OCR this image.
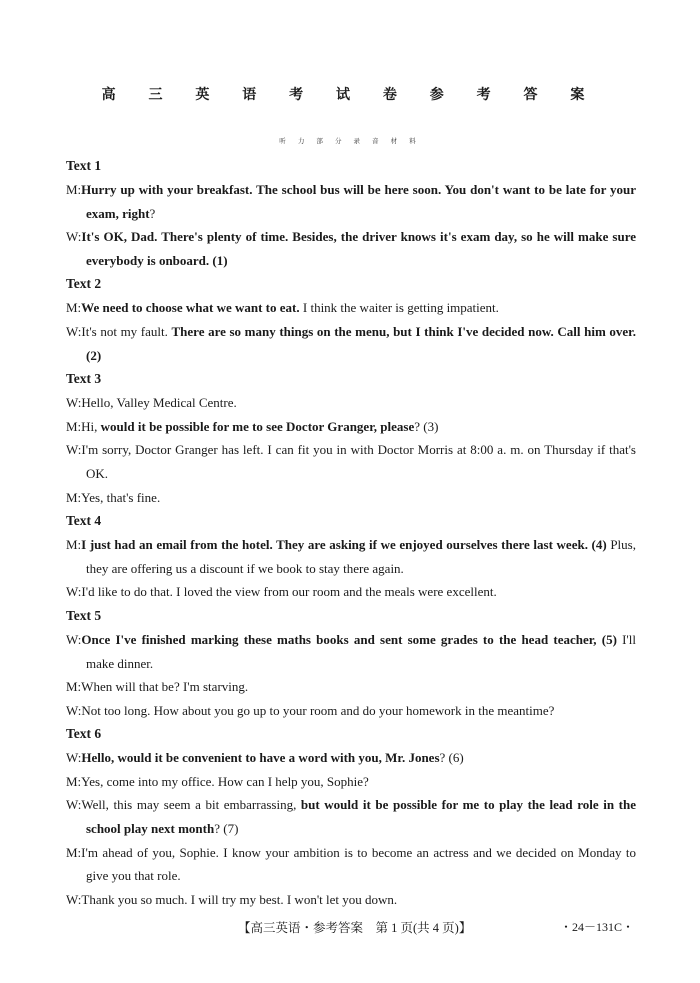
高 三 英 语 考 试 卷 参 考 答 案
听 力 部 分 录 音 材 料
Text 1
M:Hurry up with your breakfast. The school bus will be here soon. You don't want to be late for your exam, right?
W:It's OK, Dad. There's plenty of time. Besides, the driver knows it's exam day, so he will make sure everybody is onboard. (1)
Text 2
M:We need to choose what we want to eat. I think the waiter is getting impatient.
W:It's not my fault. There are so many things on the menu, but I think I've decided now. Call him over. (2)
Text 3
W:Hello, Valley Medical Centre.
M:Hi, would it be possible for me to see Doctor Granger, please? (3)
W:I'm sorry, Doctor Granger has left. I can fit you in with Doctor Morris at 8:00 a. m. on Thursday if that's OK.
M:Yes, that's fine.
Text 4
M:I just had an email from the hotel. They are asking if we enjoyed ourselves there last week. (4) Plus, they are offering us a discount if we book to stay there again.
W:I'd like to do that. I loved the view from our room and the meals were excellent.
Text 5
W:Once I've finished marking these maths books and sent some grades to the head teacher, (5) I'll make dinner.
M:When will that be? I'm starving.
W:Not too long. How about you go up to your room and do your homework in the meantime?
Text 6
W:Hello, would it be convenient to have a word with you, Mr. Jones? (6)
M:Yes, come into my office. How can I help you, Sophie?
W:Well, this may seem a bit embarrassing, but would it be possible for me to play the lead role in the school play next month? (7)
M:I'm ahead of you, Sophie. I know your ambition is to become an actress and we decided on Monday to give you that role.
W:Thank you so much. I will try my best. I won't let you down.
【高三英语・参考答案　第 1 页(共 4 页)】	・24－131C・
